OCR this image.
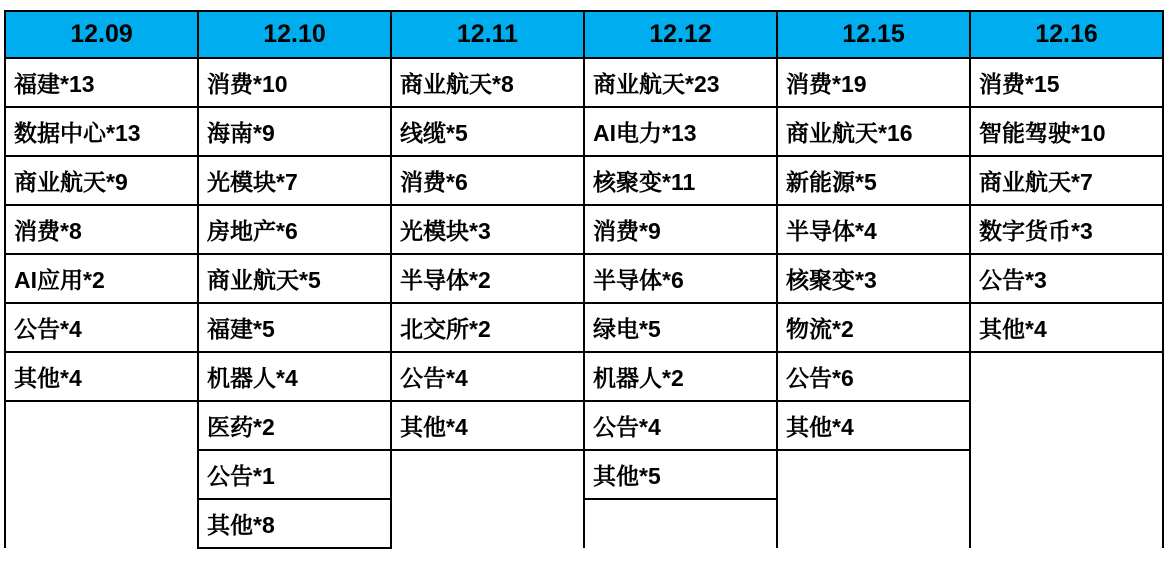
12.09	12.10	12.11	12.12	12.15	12.16
福建*13	消费*10	商业航天*8	商业航天*23	消费*19	消费*15
数据中心*13	海南*9	线缆*5	AI电力*13	商业航天*16	智能驾驶*10
商业航天*9	光模块*7	消费*6	核聚变*11	新能源*5	商业航天*7
消费*8	房地产*6	光模块*3	消费*9	半导体*4	数字货币*3
AI应用*2	商业航天*5	半导体*2	半导体*6	核聚变*3	公告*3
公告*4	福建*5	北交所*2	绿电*5	物流*2	其他*4
其他*4	机器人*4	公告*4	机器人*2	公告*6	
	医药*2	其他*4	公告*4	其他*4	
	公告*1		其他*5		
	其他*8				
